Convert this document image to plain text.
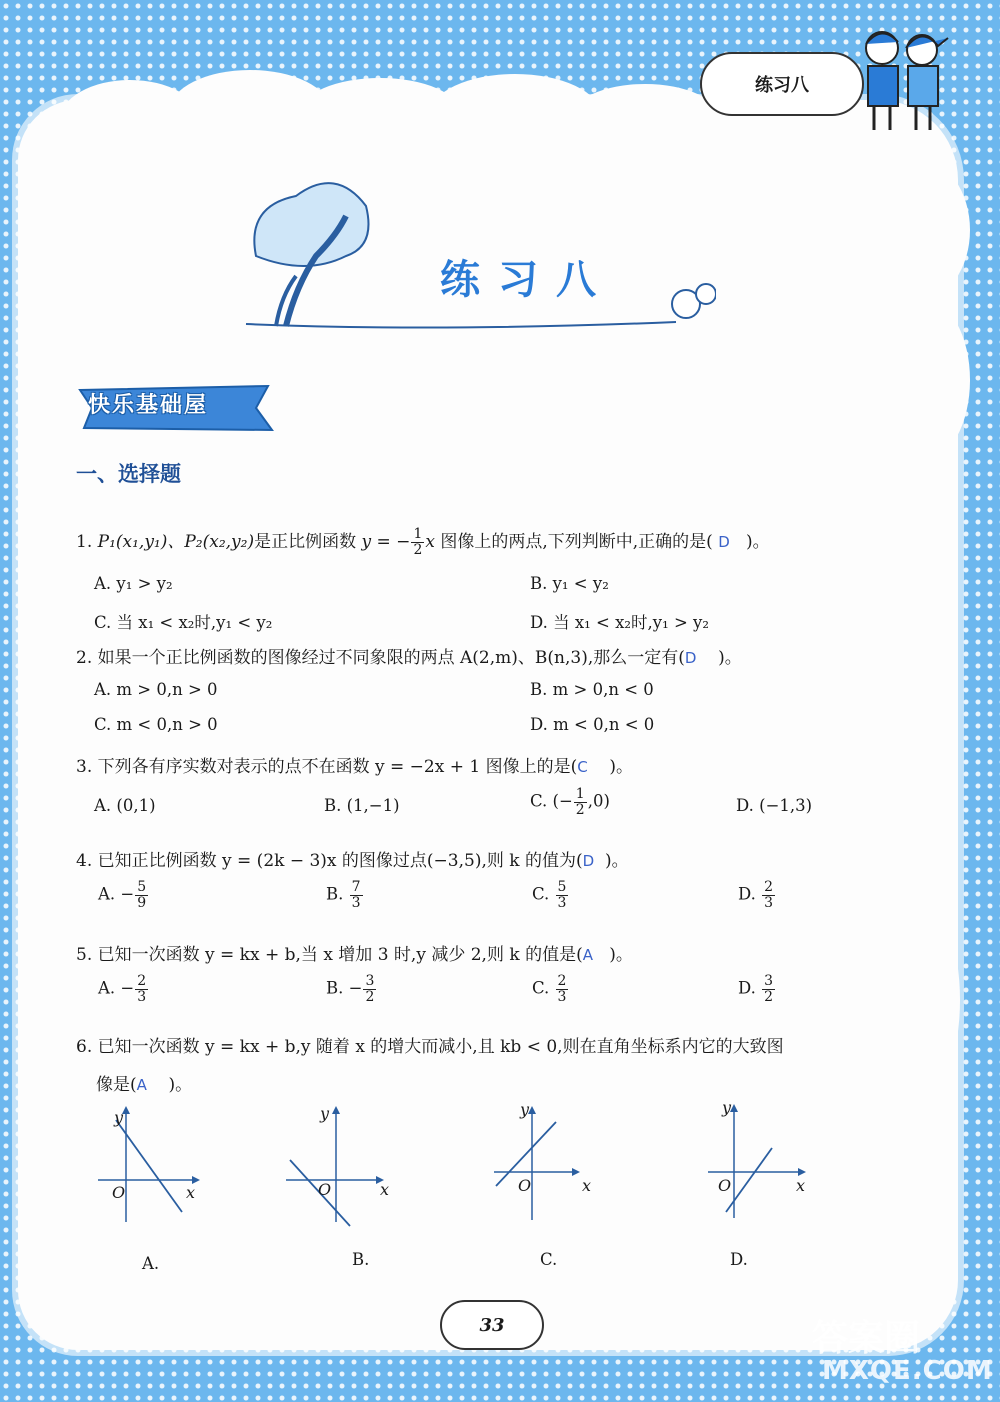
练习八
练习八
快乐基础屋
一、选择题
1. P₁(x₁,y₁)、P₂(x₂,y₂)是正比例函数 y = − $\frac{1}{2}$ x 图像上的两点,下列判断中,正确的是( D )。
A. y₁ > y₂	B. y₁ < y₂
C. 当 x₁ < x₂时,y₁ < y₂	D. 当 x₁ < x₂时,y₁ > y₂
2. 如果一个正比例函数的图像经过不同象限的两点 A(2,m)、B(n,3),那么一定有(D )。
A. m > 0,n > 0	B. m > 0,n < 0
C. m < 0,n > 0	D. m < 0,n < 0
3. 下列各有序实数对表示的点不在函数 y = −2x + 1 图像上的是(C )。
A. (0,1)	B. (1,−1)	C. (− $\frac{1}{2} ,0$)	D. (−1,3)
4. 已知正比例函数 y = (2k − 3)x 的图像过点(−3,5),则 k 的值为(D )。
A. − $\frac{5}{9}$	B. $\frac{7}{3}$	C. $\frac{5}{3}$	D. $\frac{2}{3}$
5. 已知一次函数 y = kx + b,当 x 增加 3 时,y 减少 2,则 k 的值是(A )。
A. − $\frac{2}{3}$	B. − $\frac{3}{2}$	C. $\frac{2}{3}$	D. $\frac{3}{2}$
6. 已知一次函数 y = kx + b,y 随着 x 的增大而减小,且 kb < 0,则在直角坐标系内它的大致图
像是(A )。
y
O	x
y
O	x
y
O	x
y
O	x
A.	B.	C.	D.
33	答案圈
MXQE.COM
